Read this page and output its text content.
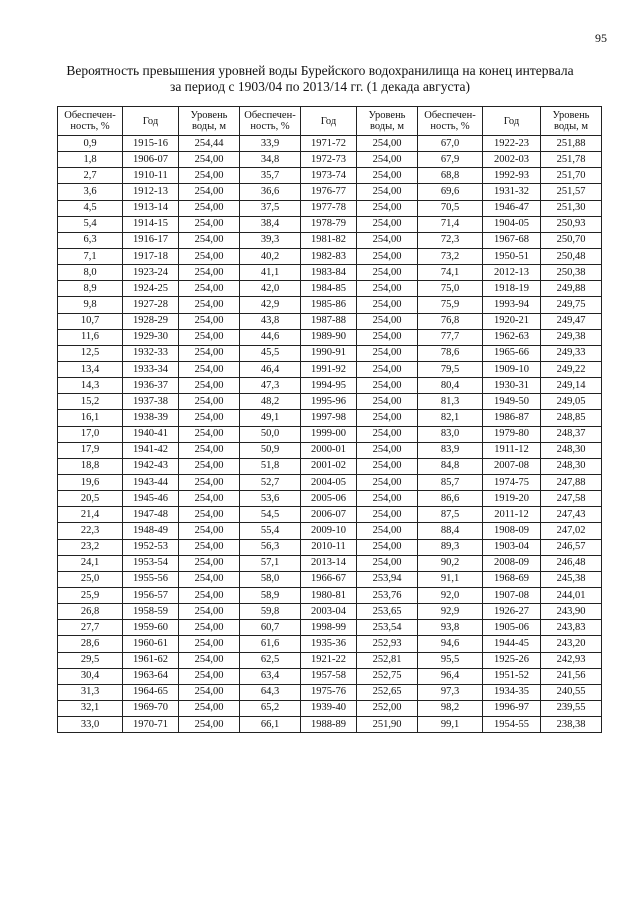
95
Вероятность превышения уровней воды Бурейского водохранилища на конец интервала
за период с 1903/04 по 2013/14 гг. (1 декада августа)
Обеспечен-ность, %	Год	Уровень воды, м	Обеспечен-ность, %	Год	Уровень воды, м	Обеспечен-ность, %	Год	Уровень воды, м
0,9	1915-16	254,44	33,9	1971-72	254,00	67,0	1922-23	251,88
1,8	1906-07	254,00	34,8	1972-73	254,00	67,9	2002-03	251,78
2,7	1910-11	254,00	35,7	1973-74	254,00	68,8	1992-93	251,70
3,6	1912-13	254,00	36,6	1976-77	254,00	69,6	1931-32	251,57
4,5	1913-14	254,00	37,5	1977-78	254,00	70,5	1946-47	251,30
5,4	1914-15	254,00	38,4	1978-79	254,00	71,4	1904-05	250,93
6,3	1916-17	254,00	39,3	1981-82	254,00	72,3	1967-68	250,70
7,1	1917-18	254,00	40,2	1982-83	254,00	73,2	1950-51	250,48
8,0	1923-24	254,00	41,1	1983-84	254,00	74,1	2012-13	250,38
8,9	1924-25	254,00	42,0	1984-85	254,00	75,0	1918-19	249,88
9,8	1927-28	254,00	42,9	1985-86	254,00	75,9	1993-94	249,75
10,7	1928-29	254,00	43,8	1987-88	254,00	76,8	1920-21	249,47
11,6	1929-30	254,00	44,6	1989-90	254,00	77,7	1962-63	249,38
12,5	1932-33	254,00	45,5	1990-91	254,00	78,6	1965-66	249,33
13,4	1933-34	254,00	46,4	1991-92	254,00	79,5	1909-10	249,22
14,3	1936-37	254,00	47,3	1994-95	254,00	80,4	1930-31	249,14
15,2	1937-38	254,00	48,2	1995-96	254,00	81,3	1949-50	249,05
16,1	1938-39	254,00	49,1	1997-98	254,00	82,1	1986-87	248,85
17,0	1940-41	254,00	50,0	1999-00	254,00	83,0	1979-80	248,37
17,9	1941-42	254,00	50,9	2000-01	254,00	83,9	1911-12	248,30
18,8	1942-43	254,00	51,8	2001-02	254,00	84,8	2007-08	248,30
19,6	1943-44	254,00	52,7	2004-05	254,00	85,7	1974-75	247,88
20,5	1945-46	254,00	53,6	2005-06	254,00	86,6	1919-20	247,58
21,4	1947-48	254,00	54,5	2006-07	254,00	87,5	2011-12	247,43
22,3	1948-49	254,00	55,4	2009-10	254,00	88,4	1908-09	247,02
23,2	1952-53	254,00	56,3	2010-11	254,00	89,3	1903-04	246,57
24,1	1953-54	254,00	57,1	2013-14	254,00	90,2	2008-09	246,48
25,0	1955-56	254,00	58,0	1966-67	253,94	91,1	1968-69	245,38
25,9	1956-57	254,00	58,9	1980-81	253,76	92,0	1907-08	244,01
26,8	1958-59	254,00	59,8	2003-04	253,65	92,9	1926-27	243,90
27,7	1959-60	254,00	60,7	1998-99	253,54	93,8	1905-06	243,83
28,6	1960-61	254,00	61,6	1935-36	252,93	94,6	1944-45	243,20
29,5	1961-62	254,00	62,5	1921-22	252,81	95,5	1925-26	242,93
30,4	1963-64	254,00	63,4	1957-58	252,75	96,4	1951-52	241,56
31,3	1964-65	254,00	64,3	1975-76	252,65	97,3	1934-35	240,55
32,1	1969-70	254,00	65,2	1939-40	252,00	98,2	1996-97	239,55
33,0	1970-71	254,00	66,1	1988-89	251,90	99,1	1954-55	238,38
